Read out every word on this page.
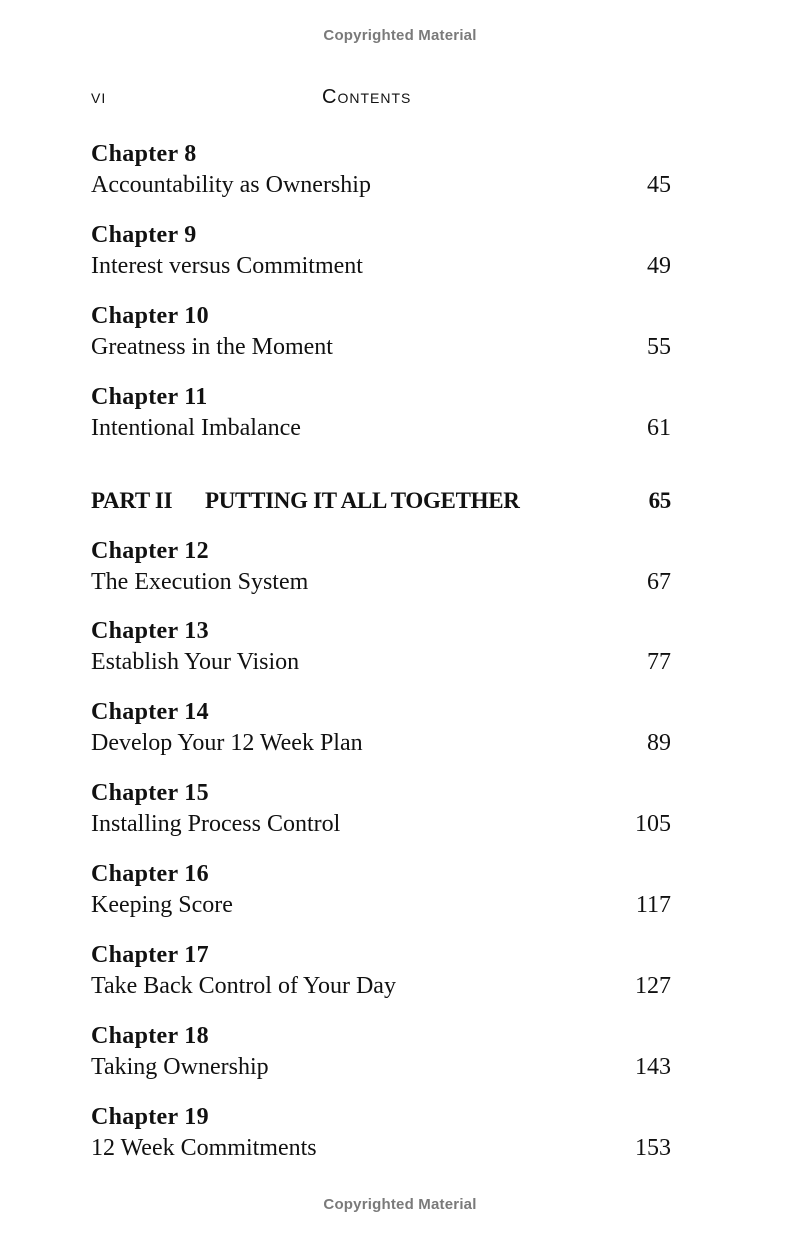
Copyrighted Material
vi	Contents
Chapter 8
Accountability as Ownership	45
Chapter 9
Interest versus Commitment	49
Chapter 10
Greatness in the Moment	55
Chapter 11
Intentional Imbalance	61
PART II PUTTING IT ALL TOGETHER	65
Chapter 12
The Execution System	67
Chapter 13
Establish Your Vision	77
Chapter 14
Develop Your 12 Week Plan	89
Chapter 15
Installing Process Control	105
Chapter 16
Keeping Score	117
Chapter 17
Take Back Control of Your Day	127
Chapter 18
Taking Ownership	143
Chapter 19
12 Week Commitments	153
Copyrighted Material
